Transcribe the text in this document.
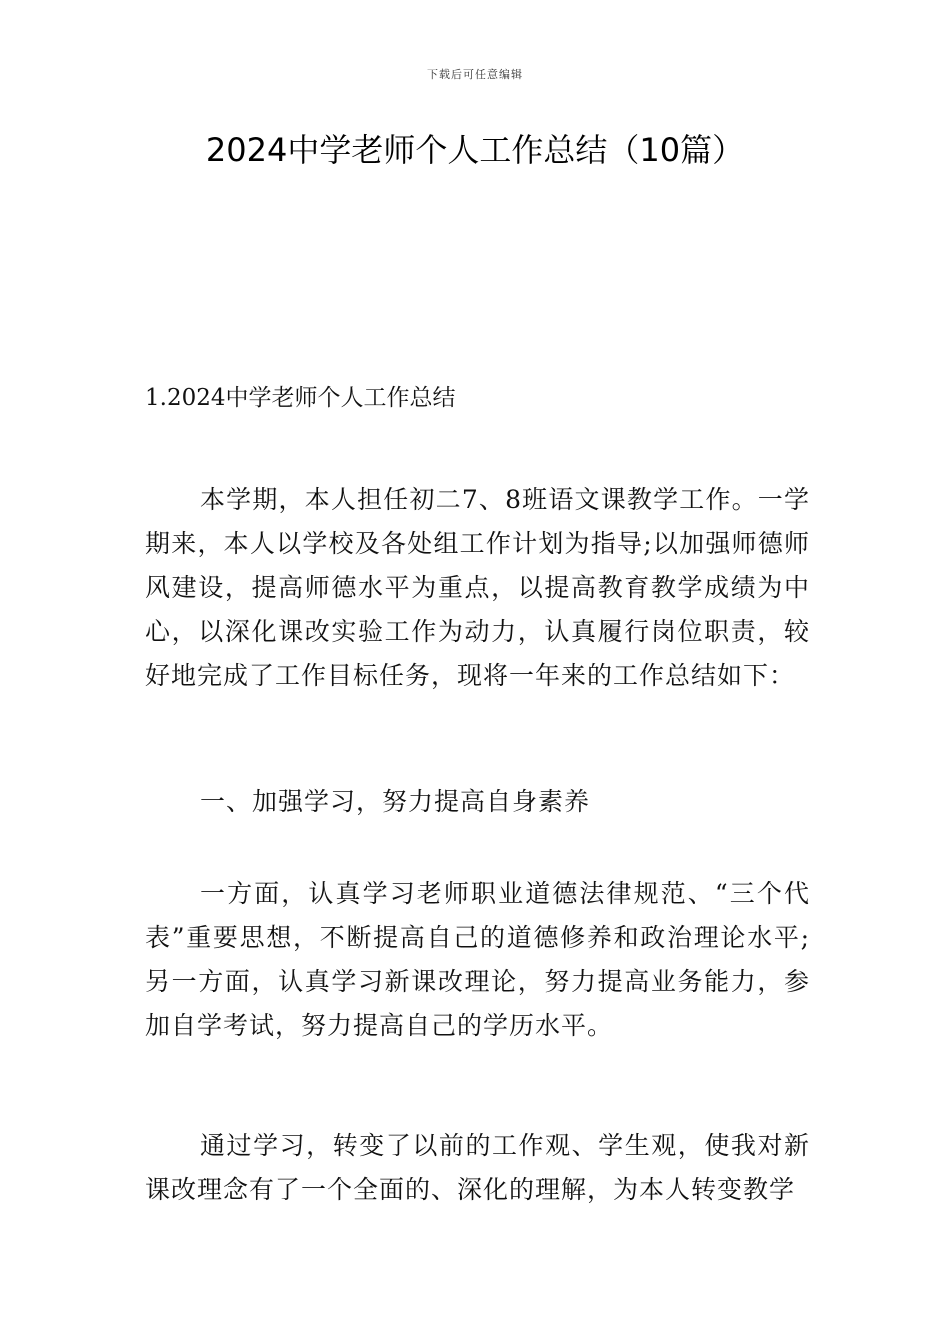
下载后可任意编辑
2024中学老师个人工作总结（10篇）
1.2024中学老师个人工作总结

本学期，本人担任初二7、8班语文课教学工作。一学期来，本人以学校及各处组工作计划为指导;以加强师德师风建设，提高师德水平为重点，以提高教育教学成绩为中心，以深化课改实验工作为动力，认真履行岗位职责，较好地完成了工作目标任务，现将一年来的工作总结如下：

一、加强学习，努力提高自身素养

一方面，认真学习老师职业道德法律规范、“三个代表”重要思想，不断提高自己的道德修养和政治理论水平;另一方面，认真学习新课改理论，努力提高业务能力，参加自学考试，努力提高自己的学历水平。

通过学习，转变了以前的工作观、学生观，使我对新课改理念有了一个全面的、深化的理解，为本人转变教学
